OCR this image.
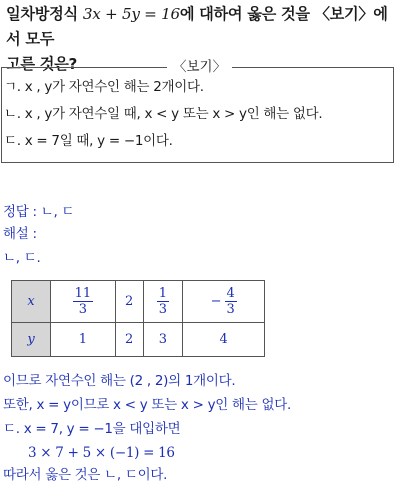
일차방정식 3x + 5y = 16에 대하여 옳은 것을 〈보기〉에서 모두
고른 것은?	〈보기〉
ㄱ. x , y가 자연수인 해는 2개이다.
ㄴ. x , y가 자연수일 때, x < y 또는 x > y인 해는 없다.
ㄷ. x = 7일 때, y = −1이다.
정답 : ㄴ, ㄷ
해설 :
ㄴ, ㄷ.
x	$\frac{11}{3}$	2	$\frac{1}{3}$	− $\frac{4}{3}$

y	1	2	3	4
이므로 자연수인 해는 (2 , 2)의 1개이다.
또한, x = y이므로 x < y 또는 x > y인 해는 없다.
ㄷ. x = 7, y = −1을 대입하면
3 × 7 + 5 × (−1) = 16
따라서 옳은 것은 ㄴ, ㄷ이다.
